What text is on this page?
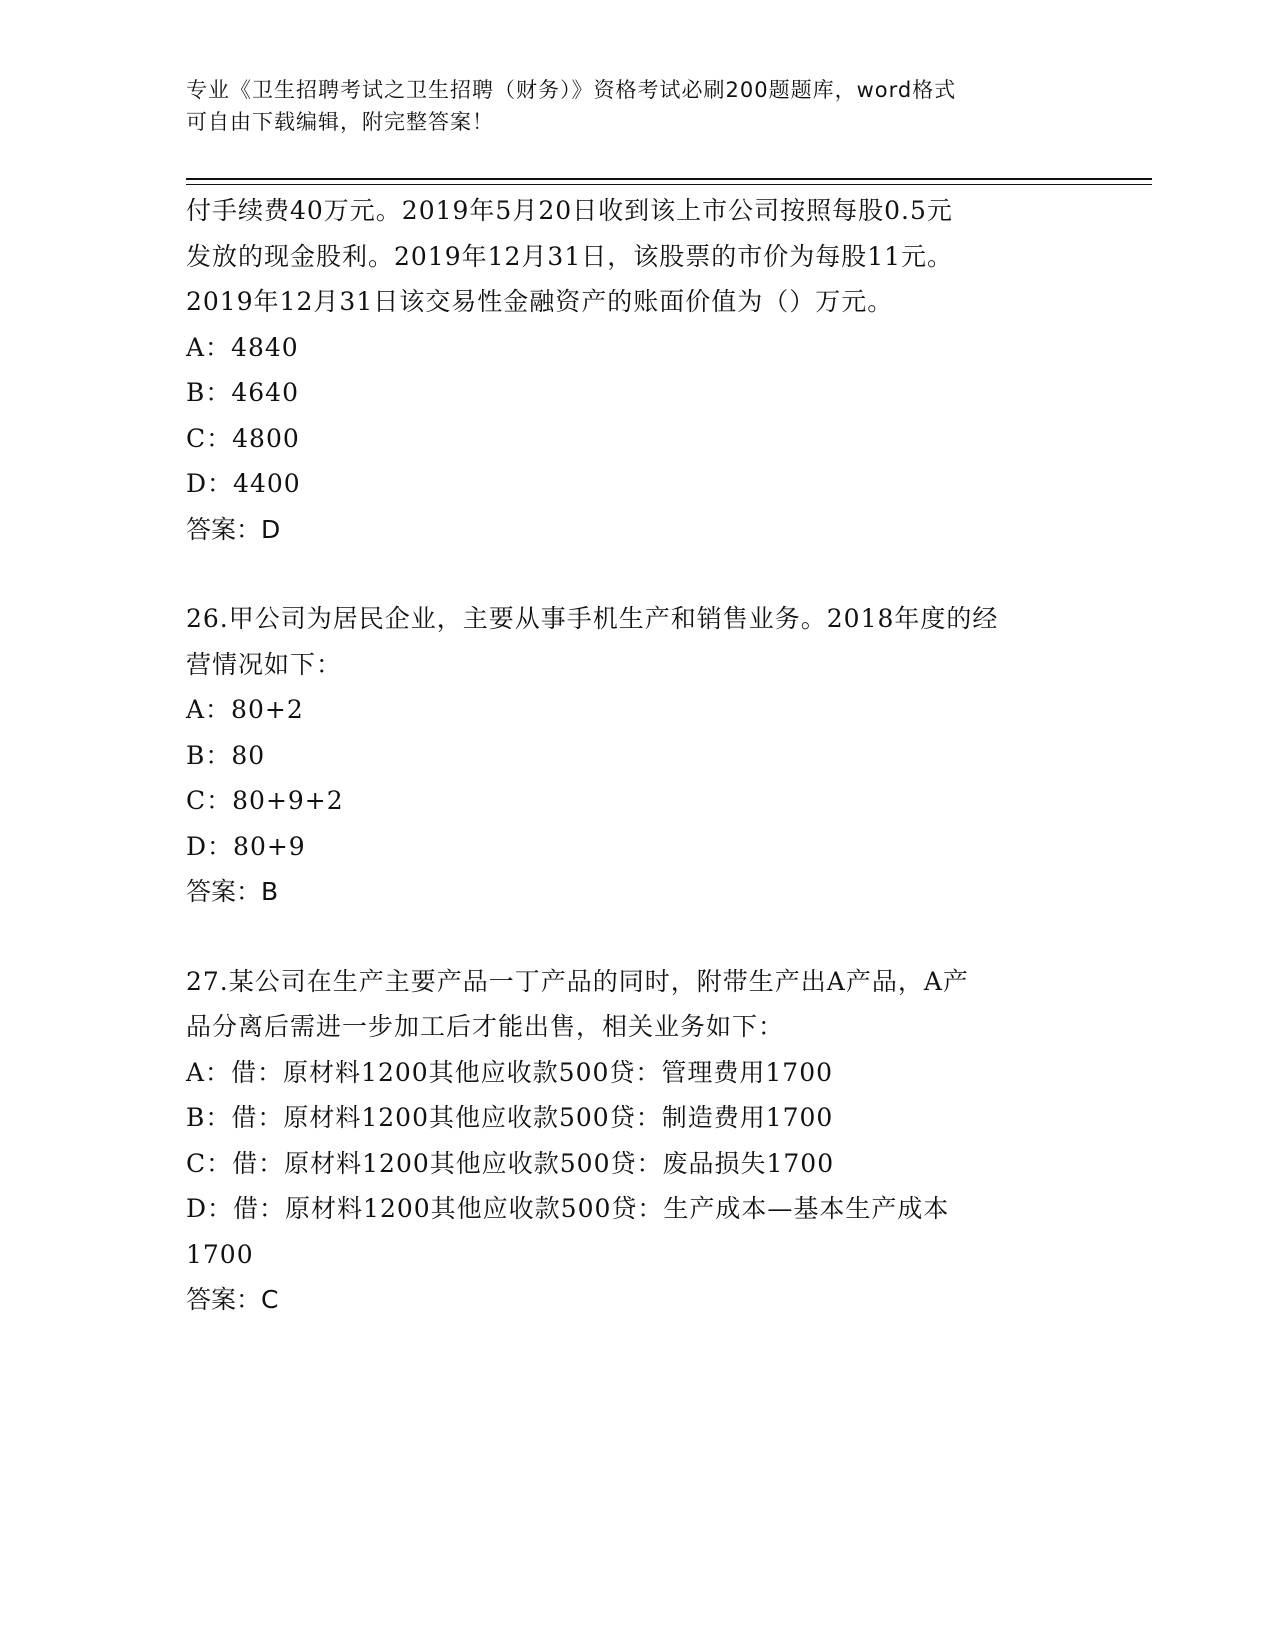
专业《卫生招聘考试之卫生招聘（财务）》资格考试必刷200题题库，word格式
可自由下载编辑，附完整答案！
付手续费40万元。2019年5月20日收到该上市公司按照每股0.5元
发放的现金股利。2019年12月31日，该股票的市价为每股11元。
2019年12月31日该交易性金融资产的账面价值为（）万元。
A：4840
B：4640
C：4800
D：4400
答案：D
26.甲公司为居民企业，主要从事手机生产和销售业务。2018年度的经
营情况如下：
A：80+2
B：80
C：80+9+2
D：80+9
答案：B
27.某公司在生产主要产品一丁产品的同时，附带生产出A产品，A产
品分离后需进一步加工后才能出售，相关业务如下：
A：借：原材料1200其他应收款500贷：管理费用1700
B：借：原材料1200其他应收款500贷：制造费用1700
C：借：原材料1200其他应收款500贷：废品损失1700
D：借：原材料1200其他应收款500贷：生产成本—基本生产成本
1700
答案：C
